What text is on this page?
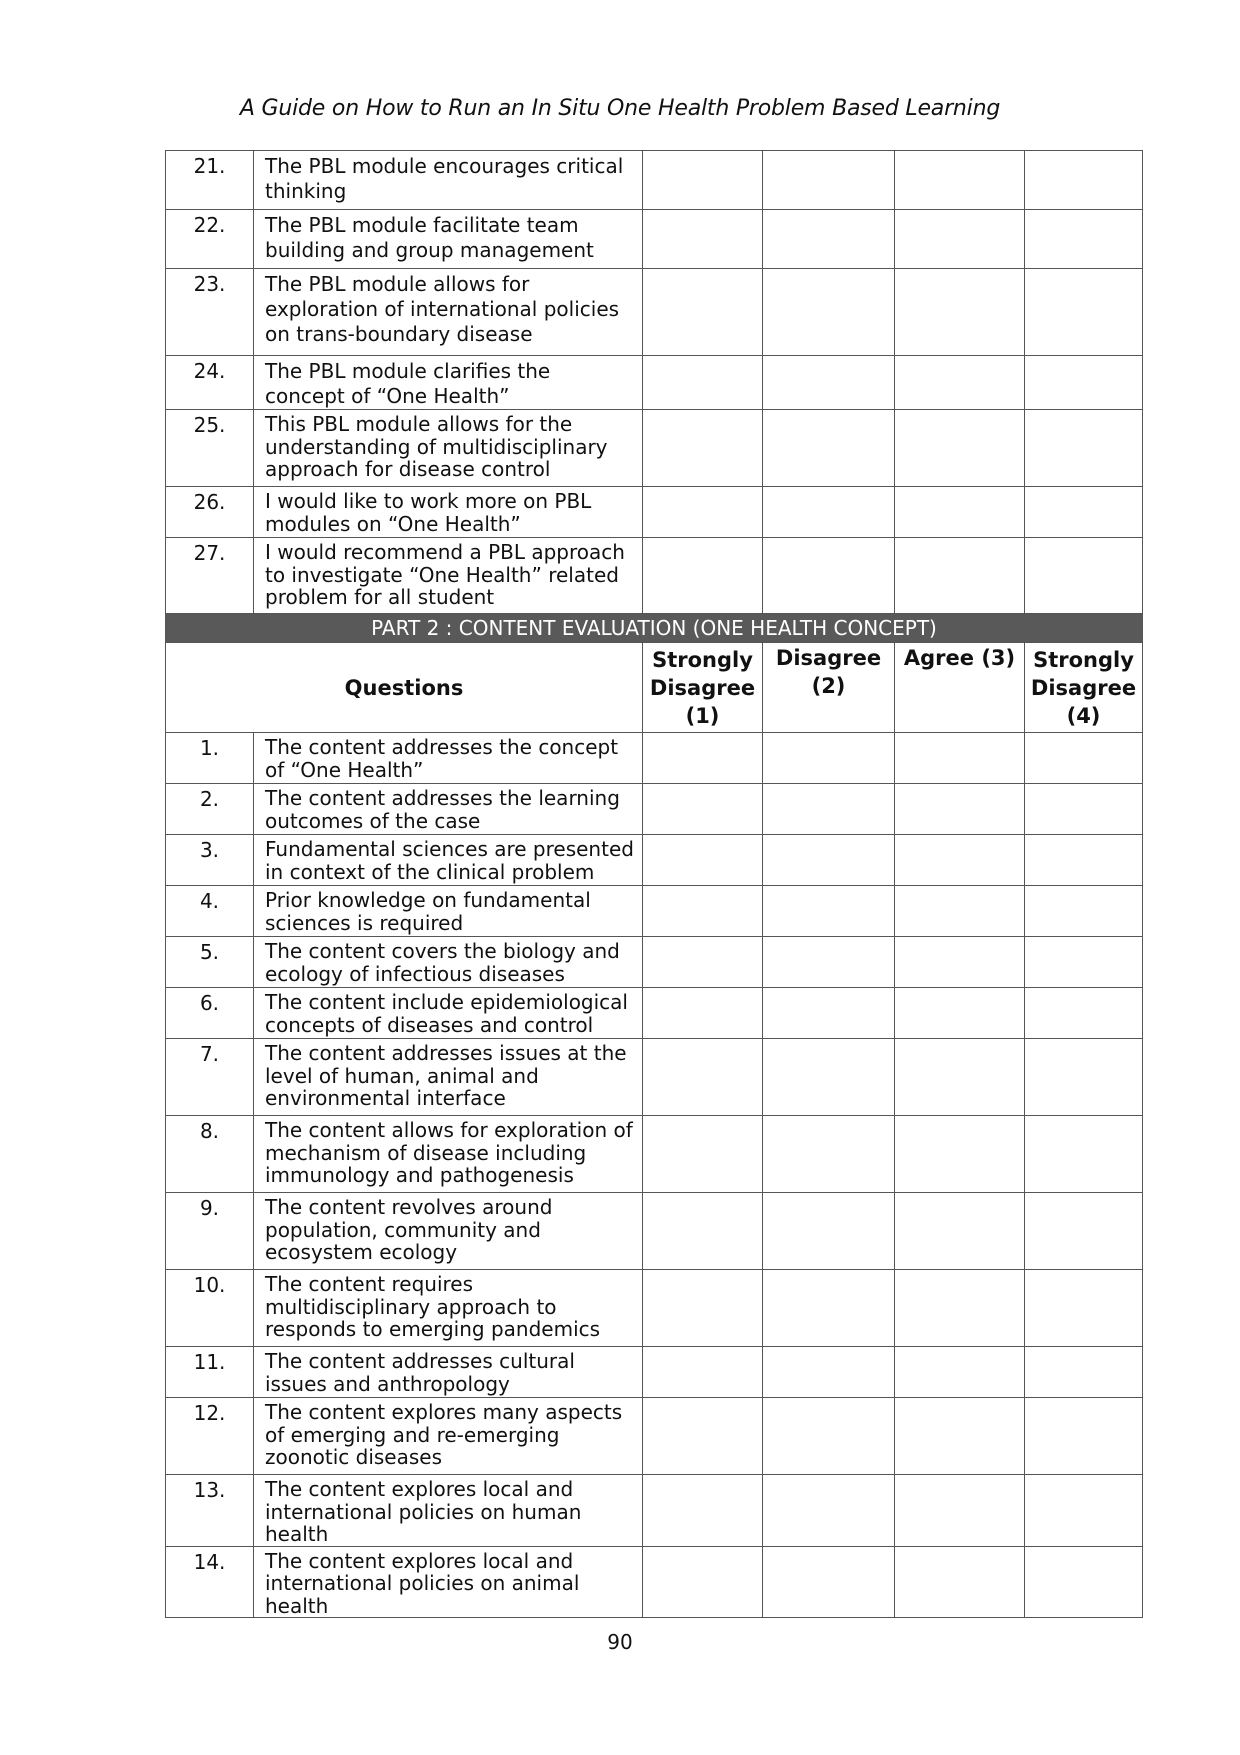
A Guide on How to Run an In Situ One Health Problem Based Learning
21.	The PBL module encourages critical thinking				
22.	The PBL module facilitate team building and group management				
23.	The PBL module allows for exploration of international policies on trans-boundary disease				
24.	The PBL module clarifies the concept of “One Health”				
25.	This PBL module allows for the understanding of multidisciplinary approach for disease control				
26.	I would like to work more on PBL modules on “One Health”				
27.	I would recommend a PBL approach to investigate “One Health” related problem for all student				
PART 2 : CONTENT EVALUATION (ONE HEALTH CONCEPT)					
Questions		Strongly Disagree (1)	Disagree (2)	Agree (3)	Strongly Disagree (4)
1.	The content addresses the concept of “One Health”				
2.	The content addresses the learning outcomes of the case				
3.	Fundamental sciences are presented in context of the clinical problem				
4.	Prior knowledge on fundamental sciences is required				
5.	The content covers the biology and ecology of infectious diseases				
6.	The content include epidemiological concepts of diseases and control				
7.	The content addresses issues at the level of human, animal and environmental interface				
8.	The content allows for exploration of mechanism of disease including immunology and pathogenesis				
9.	The content revolves around population, community and ecosystem ecology				
10.	The content requires multidisciplinary approach to responds to emerging pandemics				
11.	The content addresses cultural issues and anthropology				
12.	The content explores many aspects of emerging and re-emerging zoonotic diseases				
13.	The content explores local and international policies on human health				
14.	The content explores local and international policies on animal health				
90
